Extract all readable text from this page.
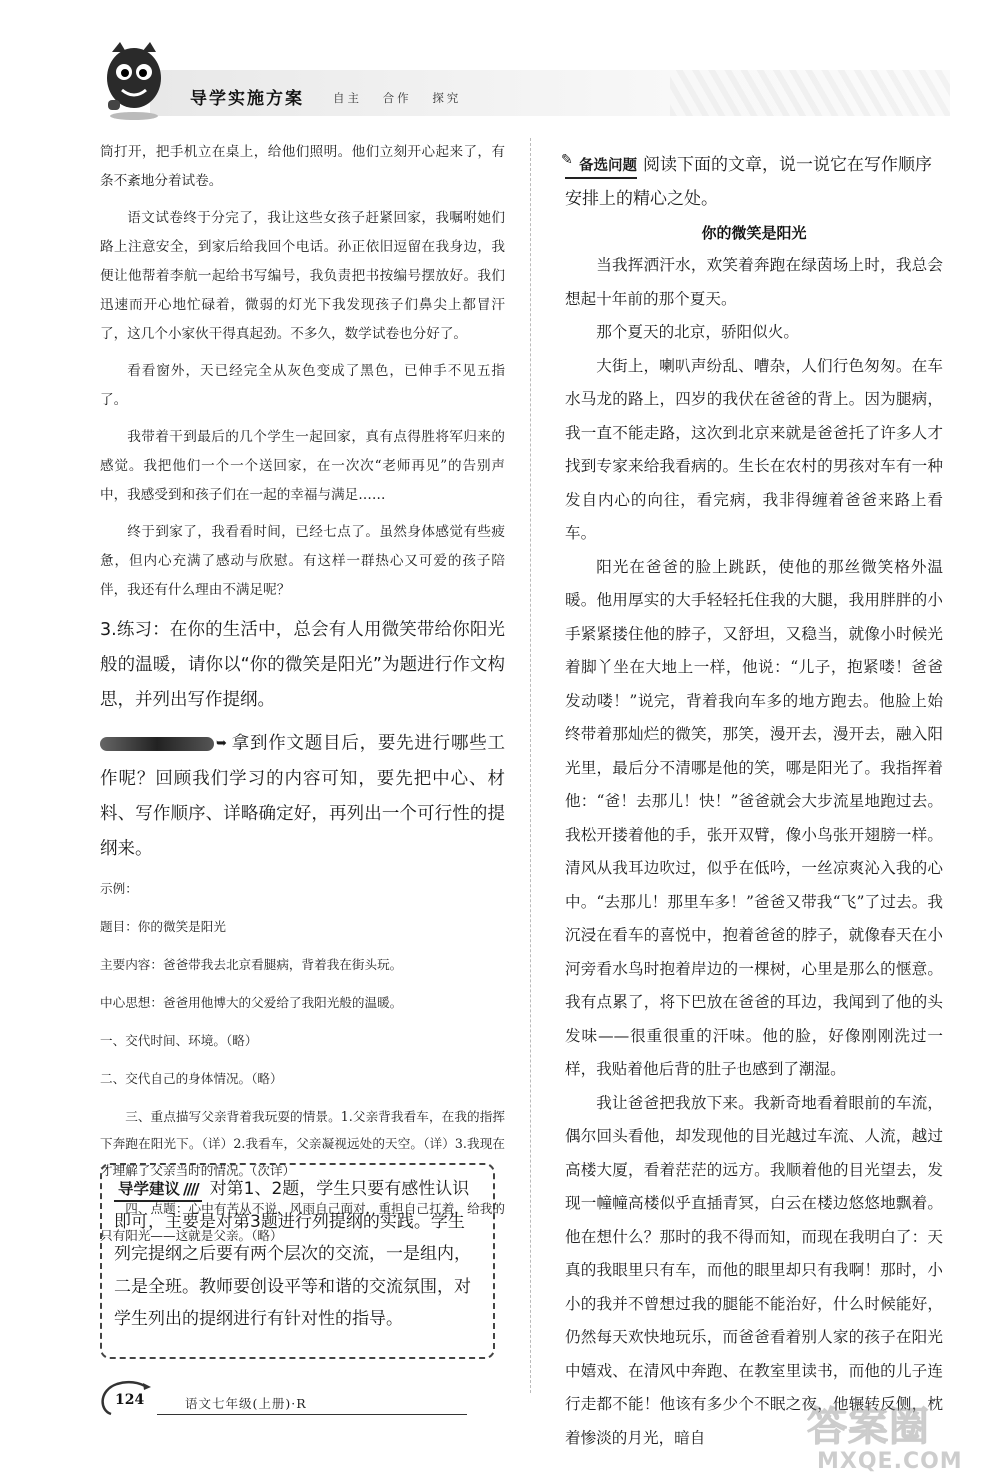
导学实施方案	自主 合作 探究

筒打开，把手机立在桌上，给他们照明。他们立刻开心起来了，有条不紊地分着试卷。

语文试卷终于分完了，我让这些女孩子赶紧回家，我嘱咐她们路上注意安全，到家后给我回个电话。孙正依旧逗留在我身边，我便让他帮着李航一起给书写编号，我负责把书按编号摆放好。我们迅速而开心地忙碌着，微弱的灯光下我发现孩子们鼻尖上都冒汗了，这几个小家伙干得真起劲。不多久，数学试卷也分好了。

看看窗外，天已经完全从灰色变成了黑色，已伸手不见五指了。

我带着干到最后的几个学生一起回家，真有点得胜将军归来的感觉。我把他们一个一个送回家，在一次次“老师再见”的告别声中，我感受到和孩子们在一起的幸福与满足……

终于到家了，我看看时间，已经七点了。虽然身体感觉有些疲惫，但内心充满了感动与欣慰。有这样一群热心又可爱的孩子陪伴，我还有什么理由不满足呢？

3.练习：在你的生活中，总会有人用微笑带给你阳光般的温暖，请你以“你的微笑是阳光”为题进行作文构思，并列出写作提纲。

➥ 拿到作文题目后，要先进行哪些工作呢？回顾我们学习的内容可知，要先把中心、材料、写作顺序、详略确定好，再列出一个可行性的提纲来。

示例：

题目：你的微笑是阳光

主要内容：爸爸带我去北京看腿病，背着我在街头玩。

中心思想：爸爸用他博大的父爱给了我阳光般的温暖。

一、交代时间、环境。（略）

二、交代自己的身体情况。（略）

三、重点描写父亲背着我玩耍的情景。1.父亲背我看车，在我的指挥下奔跑在阳光下。（详）2.我看车，父亲凝视远处的天空。（详）3.我现在才理解了父亲当时的情况。（次详）

四、点题：心中有苦从不说，风雨自己面对，重担自己扛着，给我的只有阳光——这就是父亲。（略）

导学建议 //// 对第1、2题，学生只要有感性认识即可，主要是对第3题进行列提纲的实践。学生列完提纲之后要有两个层次的交流，一是组内，二是全班。教师要创设平等和谐的交流氛围，对学生列出的提纲进行有针对性的指导。

✎ 备选问题 阅读下面的文章，说一说它在写作顺序安排上的精心之处。

你的微笑是阳光

当我挥洒汗水，欢笑着奔跑在绿茵场上时，我总会想起十年前的那个夏天。

那个夏天的北京，骄阳似火。

大街上，喇叭声纷乱、嘈杂，人们行色匆匆。在车水马龙的路上，四岁的我伏在爸爸的背上。因为腿病，我一直不能走路，这次到北京来就是爸爸托了许多人才找到专家来给我看病的。生长在农村的男孩对车有一种发自内心的向往，看完病，我非得缠着爸爸来路上看车。

阳光在爸爸的脸上跳跃，使他的那丝微笑格外温暖。他用厚实的大手轻轻托住我的大腿，我用胖胖的小手紧紧搂住他的脖子，又舒坦，又稳当，就像小时候光着脚丫坐在大地上一样，他说：“儿子，抱紧喽！爸爸发动喽！”说完，背着我向车多的地方跑去。他脸上始终带着那灿烂的微笑，那笑，漫开去，漫开去，融入阳光里，最后分不清哪是他的笑，哪是阳光了。我指挥着他：“爸！去那儿！快！”爸爸就会大步流星地跑过去。我松开搂着他的手，张开双臂，像小鸟张开翅膀一样。清风从我耳边吹过，似乎在低吟，一丝凉爽沁入我的心中。“去那儿！那里车多！”爸爸又带我“飞”了过去。我沉浸在看车的喜悦中，抱着爸爸的脖子，就像春天在小河旁看水鸟时抱着岸边的一棵树，心里是那么的惬意。我有点累了，将下巴放在爸爸的耳边，我闻到了他的头发味——很重很重的汗味。他的脸，好像刚刚洗过一样，我贴着他后背的肚子也感到了潮湿。

我让爸爸把我放下来。我新奇地看着眼前的车流，偶尔回头看他，却发现他的目光越过车流、人流，越过高楼大厦，看着茫茫的远方。我顺着他的目光望去，发现一幢幢高楼似乎直插青冥，白云在楼边悠悠地飘着。他在想什么？那时的我不得而知，而现在我明白了：天真的我眼里只有车，而他的眼里却只有我啊！那时，小小的我并不曾想过我的腿能不能治好，什么时候能好，仍然每天欢快地玩乐，而爸爸看着别人家的孩子在阳光中嬉戏、在清风中奔跑、在教室里读书，而他的儿子连行走都不能！他该有多少个不眠之夜，他辗转反侧，枕着惨淡的月光，暗自

124	语文七年级(上册)·R
答案圈
MXQE.COM
